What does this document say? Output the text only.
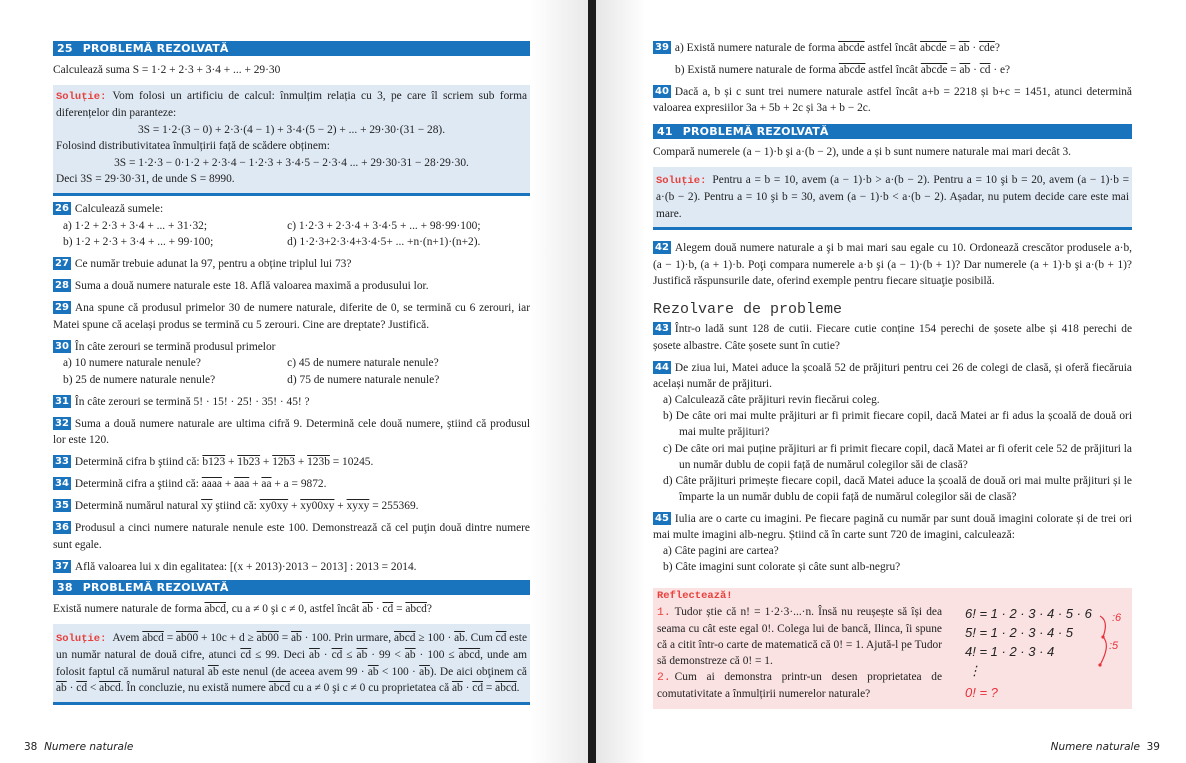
25 PROBLEMĂ REZOLVATĂ
Calculează suma S = 1·2 + 2·3 + 3·4 + ... + 29·30
Soluție: Vom folosi un artificiu de calcul: înmulțim relația cu 3, pe care îl scriem sub forma diferențelor din paranteze:
3S = 1·2·(3 − 0) + 2·3·(4 − 1) + 3·4·(5 − 2) + ... + 29·30·(31 − 28).
Folosind distributivitatea înmulțirii față de scădere obținem:
3S = 1·2·3 − 0·1·2 + 2·3·4 − 1·2·3 + 3·4·5 − 2·3·4 ... + 29·30·31 − 28·29·30.
Deci 3S = 29·30·31, de unde S = 8990.
26 Calculează sumele:
a) 1·2 + 2·3 + 3·4 + ... + 31·32;	c) 1·2·3 + 2·3·4 + 3·4·5 + ... + 98·99·100;
b) 1·2 + 2·3 + 3·4 + ... + 99·100;	d) 1·2·3+2·3·4+3·4·5+ ... +n·(n+1)·(n+2).
27 Ce număr trebuie adunat la 97, pentru a obține triplul lui 73?
28 Suma a două numere naturale este 18. Află valoarea maximă a produsului lor.
29 Ana spune că produsul primelor 30 de numere naturale, diferite de 0, se termină cu 6 zerouri, iar Matei spune că același produs se termină cu 5 zerouri. Cine are dreptate? Justifică.
30 În câte zerouri se termină produsul primelor
a) 10 numere naturale nenule?	c) 45 de numere naturale nenule?
b) 25 de numere naturale nenule?	d) 75 de numere naturale nenule?
31 În câte zerouri se termină 5! · 15! · 25! · 35! · 45! ?
32 Suma a două numere naturale are ultima cifră 9. Determină cele două numere, știind că produsul lor este 120.
33 Determină cifra b ştiind că: b123 + 1b23 + 12b3 + 123b = 10245.
34 Determină cifra a ştiind că: aaaa + $\overline{aaa} + \overline{aa} + a = 9872$.
35 Determină numărul natural $\overline{xy}$ ştiind că: xy0xy + xy00xy + xyxy = 255369.
36 Produsul a cinci numere naturale nenule este 100. Demonstrează că cel puţin două dintre numere sunt egale.
37 Află valoarea lui x din egalitatea: [(x + 2013)·2013 − 2013] : 2013 = 2014.
38 PROBLEMĂ REZOLVATĂ
Există numere naturale de forma abcd, cu a ≠ 0 şi c ≠ 0, astfel încât $\overline{ab} \cdot \overline{cd}$ = abcd?
Soluţie: Avem abcd = $ab00 + 10c + d \ge ab00 = \overline{ab} \cdot 100$. Prin urmare, abcd ≥ $100 \cdot \overline{ab}$. Cum $\overline{cd}$ este un număr natural de două cifre, atunci $\overline{cd} \le 99$. Deci $\overline{ab} \cdot \overline{cd} \le \overline{ab} \cdot 99 < \overline{ab} \cdot 100$ ≤ abcd, unde am folosit faptul că numărul natural $\overline{ab}$ este nenul (de aceea avem $99 \cdot \overline{ab} < 100 \cdot \overline{ab}$). De aici obţinem că $\overline{ab} \cdot \overline{cd}$ < abcd. În concluzie, nu există numere abcd cu a ≠ 0 şi c ≠ 0 cu proprietatea că $\overline{ab} \cdot \overline{cd}$ = abcd.
38 Numere naturale
39 a) Există numere naturale de forma abcde astfel încât abcde = $\overline{ab} \cdot \overline{cde}$?
b) Există numere naturale de forma abcde astfel încât abcde = $\overline{ab} \cdot \overline{cd} \cdot e$?
40 Dacă a, b și c sunt trei numere naturale astfel încât a+b = 2218 și b+c = 1451, atunci determină valoarea expresiilor 3a + 5b + 2c și 3a + b − 2c.
41 PROBLEMĂ REZOLVATĂ
Compară numerele (a − 1)·b şi a·(b − 2), unde a și b sunt numere naturale mai mari decât 3.
Soluție: Pentru a = b = 10, avem (a − 1)·b > a·(b − 2). Pentru a = 10 şi b = 20, avem (a − 1)·b = a·(b − 2). Pentru a = 10 şi b = 30, avem (a − 1)·b < a·(b − 2). Așadar, nu putem decide care este mai mare.
42 Alegem două numere naturale a şi b mai mari sau egale cu 10. Ordonează crescător produsele a·b, (a − 1)·b, (a + 1)·b. Poţi compara numerele a·b şi (a − 1)·(b + 1)? Dar numerele (a + 1)·b şi a·(b + 1)? Justifică răspunsurile date, oferind exemple pentru fiecare situaţie posibilă.
Rezolvare de probleme
43 Într-o ladă sunt 128 de cutii. Fiecare cutie conține 154 perechi de șosete albe și 418 perechi de șosete albastre. Câte șosete sunt în cutie?
44 De ziua lui, Matei aduce la școală 52 de prăjituri pentru cei 26 de colegi de clasă, și oferă fiecăruia același număr de prăjituri.
a) Calculează câte prăjituri revin fiecărui coleg.
b) De câte ori mai multe prăjituri ar fi primit fiecare copil, dacă Matei ar fi adus la școală de două ori mai multe prăjituri?
c) De câte ori mai puține prăjituri ar fi primit fiecare copil, dacă Matei ar fi oferit cele 52 de prăjituri la un număr dublu de copii față de numărul colegilor săi de clasă?
d) Câte prăjituri primește fiecare copil, dacă Matei aduce la școală de două ori mai multe prăjituri și le împarte la un număr dublu de copii față de numărul colegilor săi de clasă?
45 Iulia are o carte cu imagini. Pe fiecare pagină cu număr par sunt două imagini colorate și de trei ori mai multe imagini alb-negru. Știind că în carte sunt 720 de imagini, calculează:
a) Câte pagini are cartea?
b) Câte imagini sunt colorate și câte sunt alb-negru?
Reflectează!
1. Tudor știe că n! = 1·2·3·...·n. Însă nu reușește să își dea seama cu cât este egal 0!. Colega lui de bancă, Ilinca, îi spune că a citit într-o carte de matematică că 0! = 1. Ajută-l pe Tudor să demonstreze că 0! = 1.
2. Cum ai demonstra printr-un desen proprietatea de comutativitate a înmulțirii numerelor naturale?
6! = 1 · 2 · 3 · 4 · 5 · 6
5! = 1 · 2 · 3 · 4 · 5
4! = 1 · 2 · 3 · 4
:6
:5
⋮
0! = ?
Numere naturale 39
